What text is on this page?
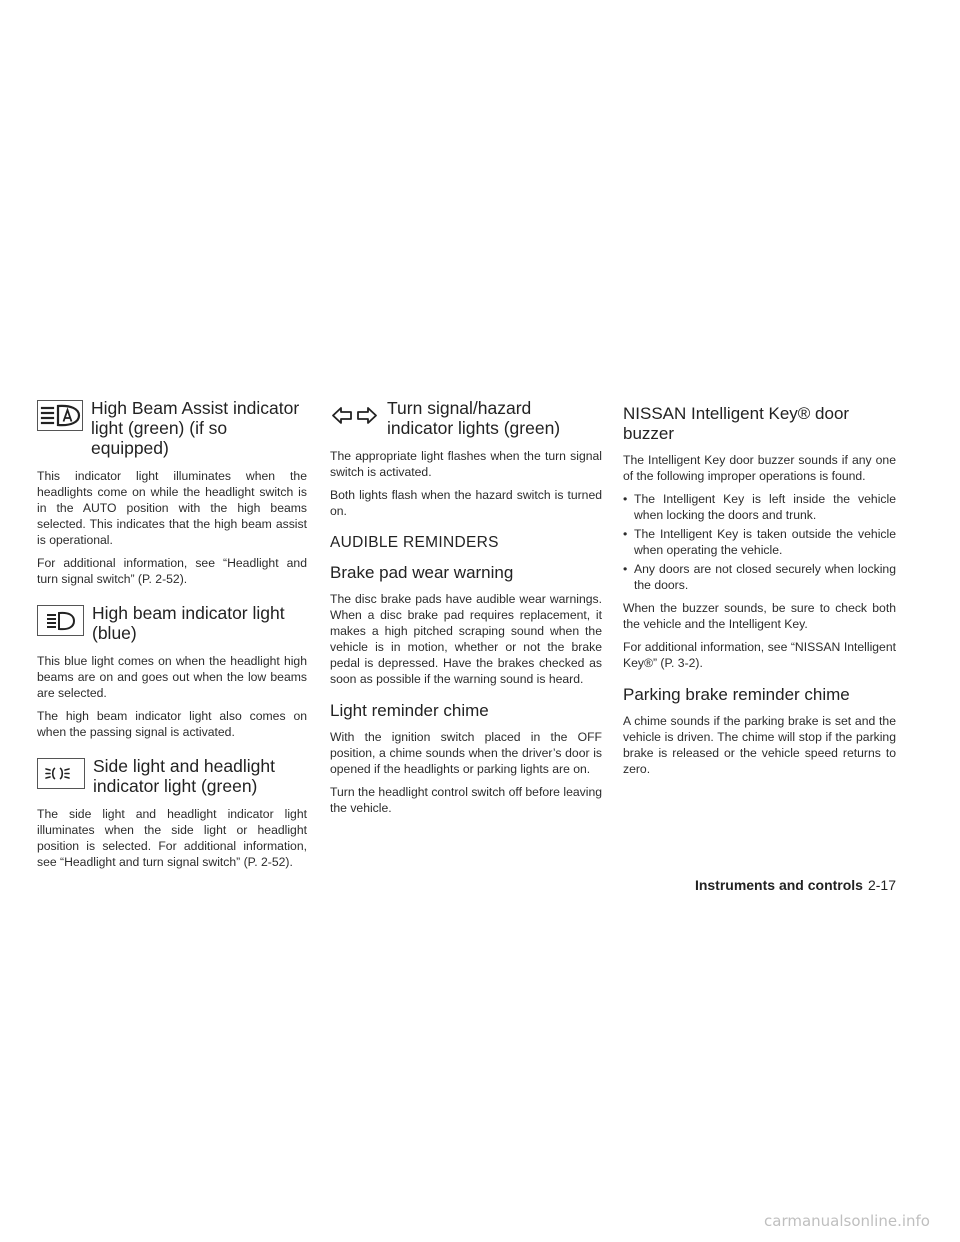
High Beam Assist indicator light (green) (if so equipped)

This indicator light illuminates when the headlights come on while the headlight switch is in the AUTO position with the high beams selected. This indicates that the high beam assist is operational.

For additional information, see “Headlight and turn signal switch” (P. 2-52).

High beam indicator light (blue)

This blue light comes on when the headlight high beams are on and goes out when the low beams are selected.

The high beam indicator light also comes on when the passing signal is activated.

Side light and headlight indicator light (green)

The side light and headlight indicator light illuminates when the side light or headlight position is selected. For additional information, see “Headlight and turn signal switch” (P. 2-52).

Turn signal/hazard indicator lights (green)

The appropriate light flashes when the turn signal switch is activated.

Both lights flash when the hazard switch is turned on.

AUDIBLE REMINDERS
Brake pad wear warning

The disc brake pads have audible wear warnings. When a disc brake pad requires replacement, it makes a high pitched scraping sound when the vehicle is in motion, whether or not the brake pedal is depressed. Have the brakes checked as soon as possible if the warning sound is heard.

Light reminder chime

With the ignition switch placed in the OFF position, a chime sounds when the driver’s door is opened if the headlights or parking lights are on.

Turn the headlight control switch off before leaving the vehicle.

NISSAN Intelligent Key® door buzzer

The Intelligent Key door buzzer sounds if any one of the following improper operations is found.

• The Intelligent Key is left inside the vehicle when locking the doors and trunk.
• The Intelligent Key is taken outside the vehicle when operating the vehicle.
• Any doors are not closed securely when locking the doors.

When the buzzer sounds, be sure to check both the vehicle and the Intelligent Key.

For additional information, see “NISSAN Intelligent Key®” (P. 3-2).

Parking brake reminder chime

A chime sounds if the parking brake is set and the vehicle is driven. The chime will stop if the parking brake is released or the vehicle speed returns to zero.

Instruments and controls 2-17
carmanualsonline.info
